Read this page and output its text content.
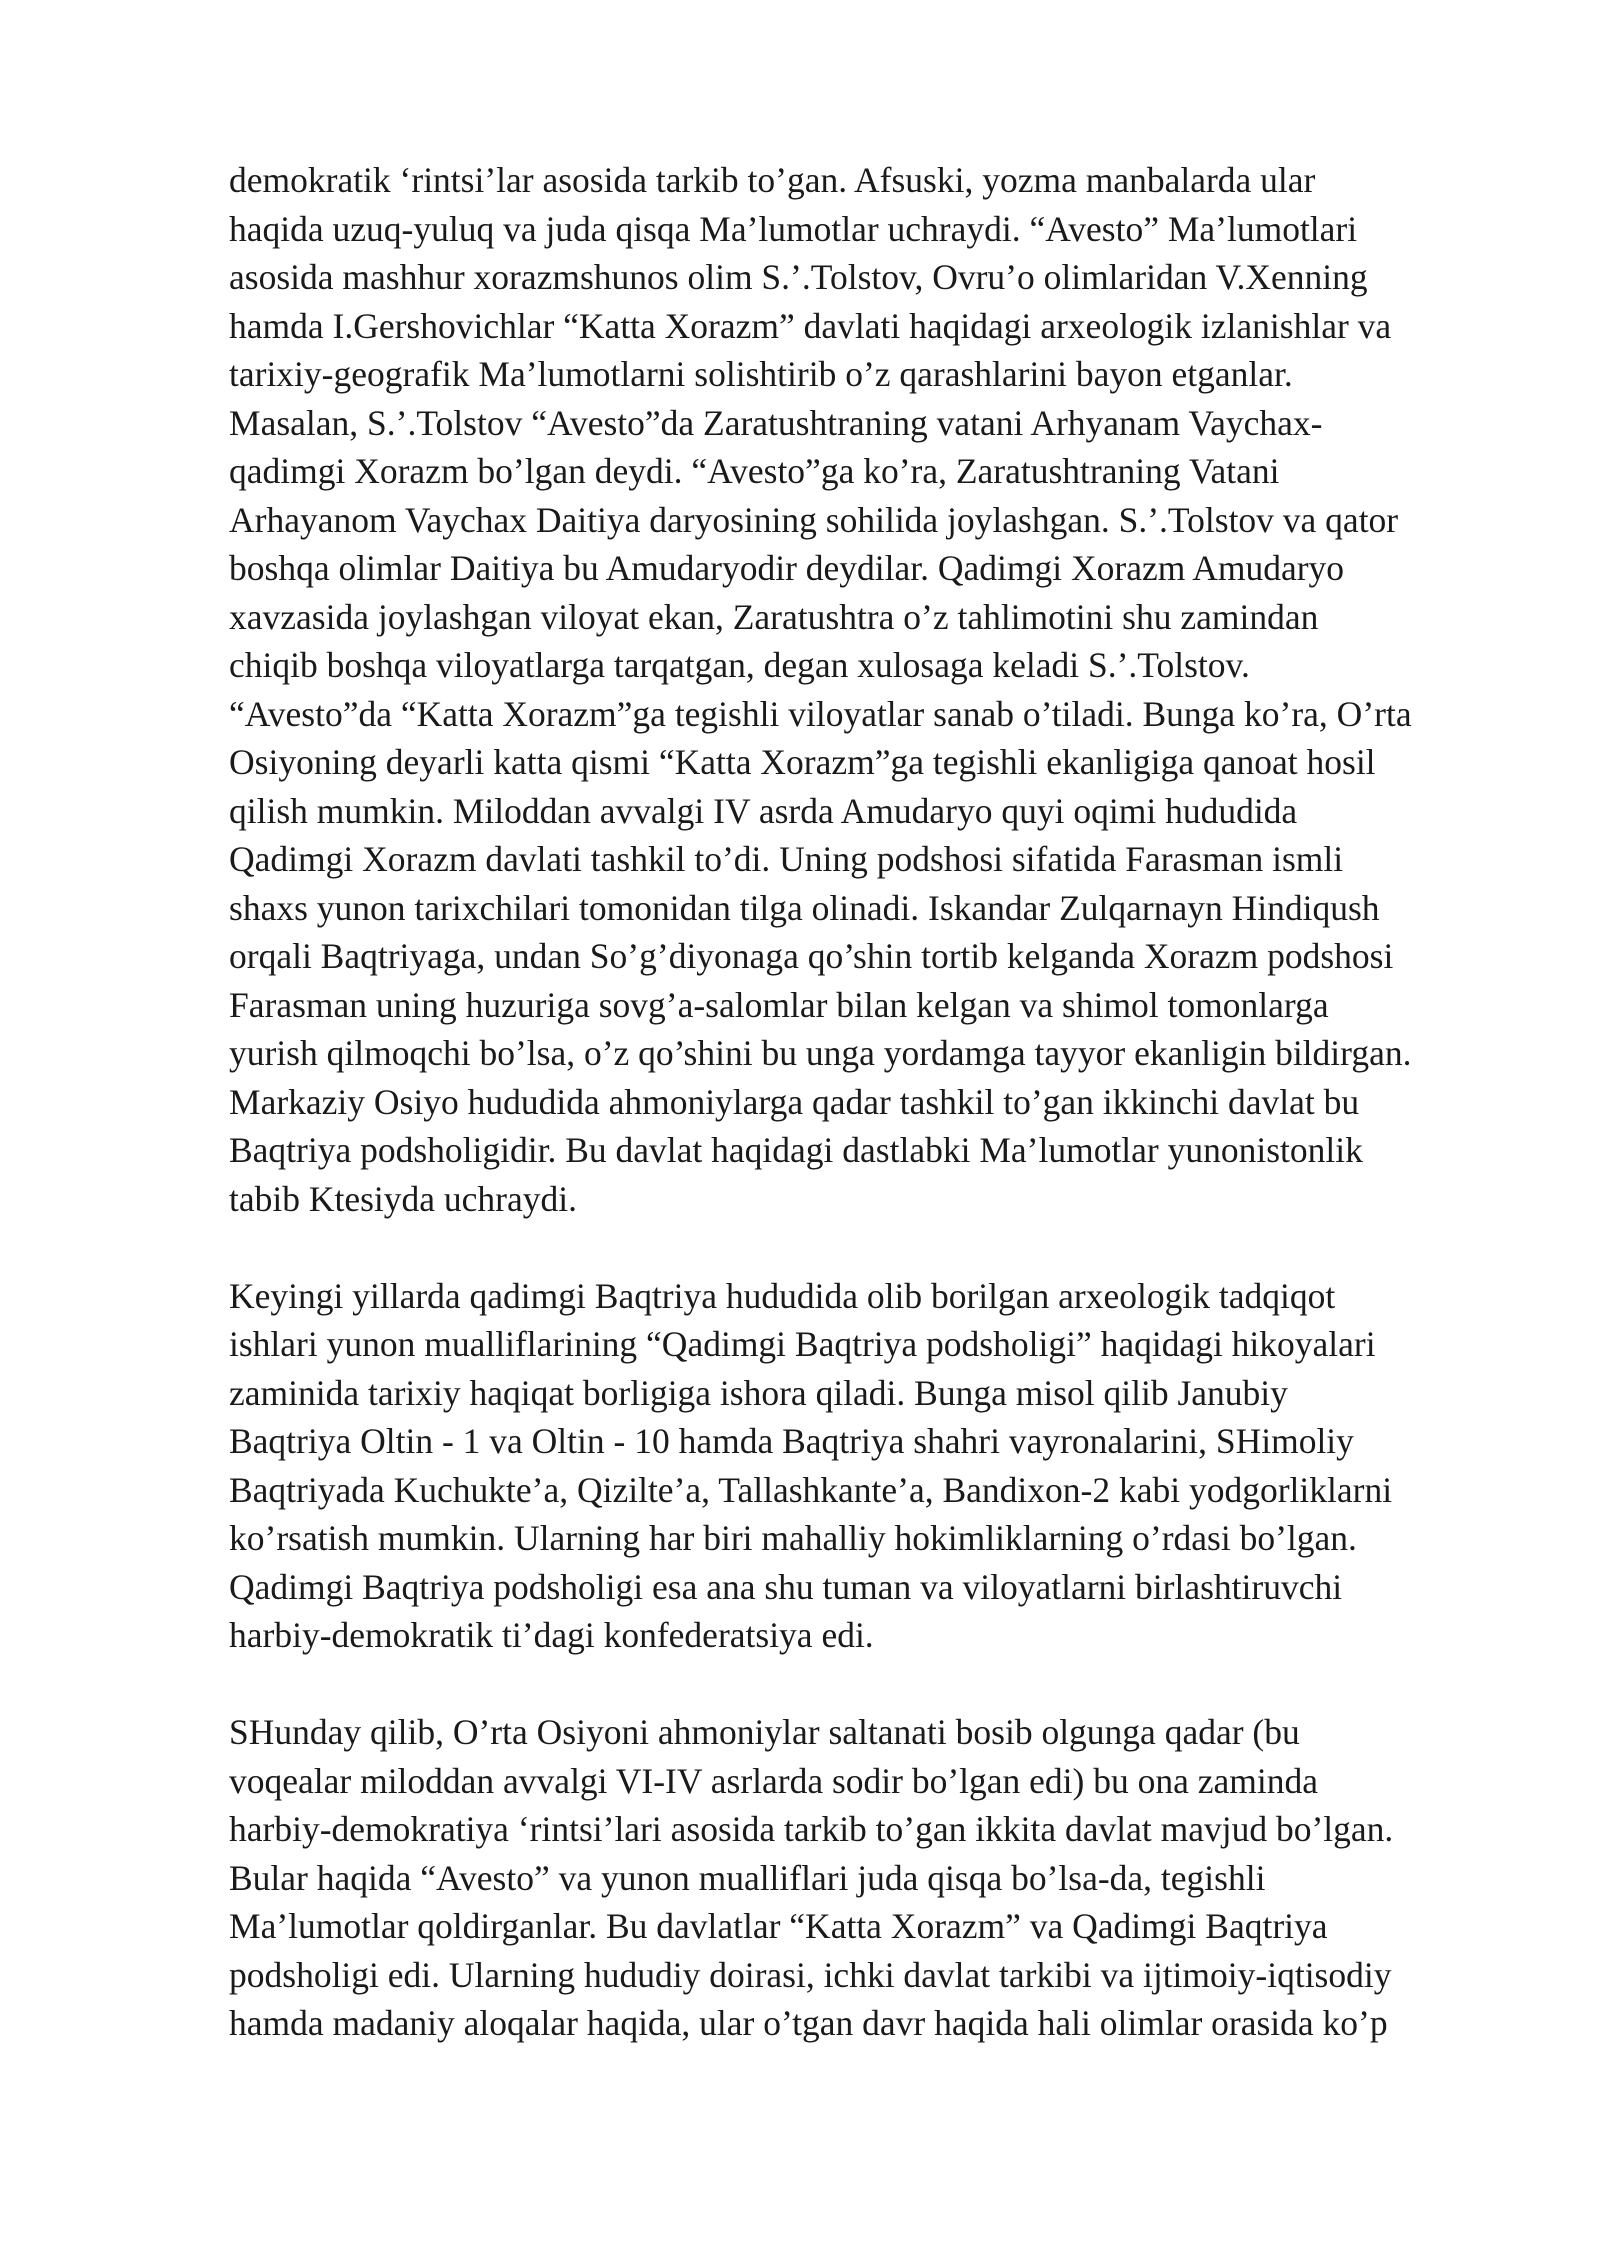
demokratik ‘rintsi’lar asosida tarkib to’gan. Afsuski, yozma manbalarda ular
haqida uzuq-yuluq va juda qisqa Ma’lumotlar uchraydi. “Avesto” Ma’lumotlari
asosida mashhur xorazmshunos olim S.’.Tolstov, Ovru’o olimlaridan V.Xenning
hamda I.Gershovichlar “Katta Xorazm” davlati haqidagi arxeologik izlanishlar va
tarixiy-geografik Ma’lumotlarni solishtirib o’z qarashlarini bayon etganlar.
Masalan, S.’.Tolstov “Avesto”da Zaratushtraning vatani Arhyanam Vaychax-
qadimgi Xorazm bo’lgan deydi. “Avesto”ga ko’ra, Zaratushtraning Vatani
Arhayanom Vaychax Daitiya daryosining sohilida joylashgan. S.’.Tolstov va qator
boshqa olimlar Daitiya bu Amudaryodir deydilar. Qadimgi Xorazm Amudaryo
xavzasida joylashgan viloyat ekan, Zaratushtra o’z tahlimotini shu zamindan
chiqib boshqa viloyatlarga tarqatgan, degan xulosaga keladi S.’.Tolstov.
“Avesto”da “Katta Xorazm”ga tegishli viloyatlar sanab o’tiladi. Bunga ko’ra, O’rta
Osiyoning deyarli katta qismi “Katta Xorazm”ga tegishli ekanligiga qanoat hosil
qilish mumkin. Miloddan avvalgi IV asrda Amudaryo quyi oqimi hududida
Qadimgi Xorazm davlati tashkil to’di. Uning podshosi sifatida Farasman ismli
shaxs yunon tarixchilari tomonidan tilga olinadi. Iskandar Zulqarnayn Hindiqush
orqali Baqtriyaga, undan So’g’diyonaga qo’shin tortib kelganda Xorazm podshosi
Farasman uning huzuriga sovg’a-salomlar bilan kelgan va shimol tomonlarga
yurish qilmoqchi bo’lsa, o’z qo’shini bu unga yordamga tayyor ekanligin bildirgan.
Markaziy Osiyo hududida ahmoniylarga qadar tashkil to’gan ikkinchi davlat bu
Baqtriya podsholigidir. Bu davlat haqidagi dastlabki Ma’lumotlar yunonistonlik
tabib Ktesiyda uchraydi.
Keyingi yillarda qadimgi Baqtriya hududida olib borilgan arxeologik tadqiqot
ishlari yunon mualliflarining “Qadimgi Baqtriya podsholigi” haqidagi hikoyalari
zaminida tarixiy haqiqat borligiga ishora qiladi. Bunga misol qilib Janubiy
Baqtriya Oltin - 1 va Oltin - 10 hamda Baqtriya shahri vayronalarini, SHimoliy
Baqtriyada Kuchukte’a, Qizilte’a, Tallashkante’a, Bandixon-2 kabi yodgorliklarni
ko’rsatish mumkin. Ularning har biri mahalliy hokimliklarning o’rdasi bo’lgan.
Qadimgi Baqtriya podsholigi esa ana shu tuman va viloyatlarni birlashtiruvchi
harbiy-demokratik ti’dagi konfederatsiya edi.
SHunday qilib, O’rta Osiyoni ahmoniylar saltanati bosib olgunga qadar (bu
voqealar miloddan avvalgi VI-IV asrlarda sodir bo’lgan edi) bu ona zaminda
harbiy-demokratiya ‘rintsi’lari asosida tarkib to’gan ikkita davlat mavjud bo’lgan.
Bular haqida “Avesto” va yunon mualliflari juda qisqa bo’lsa-da, tegishli
Ma’lumotlar qoldirganlar. Bu davlatlar “Katta Xorazm” va Qadimgi Baqtriya
podsholigi edi. Ularning hududiy doirasi, ichki davlat tarkibi va ijtimoiy-iqtisodiy
hamda madaniy aloqalar haqida, ular o’tgan davr haqida hali olimlar orasida ko’p
